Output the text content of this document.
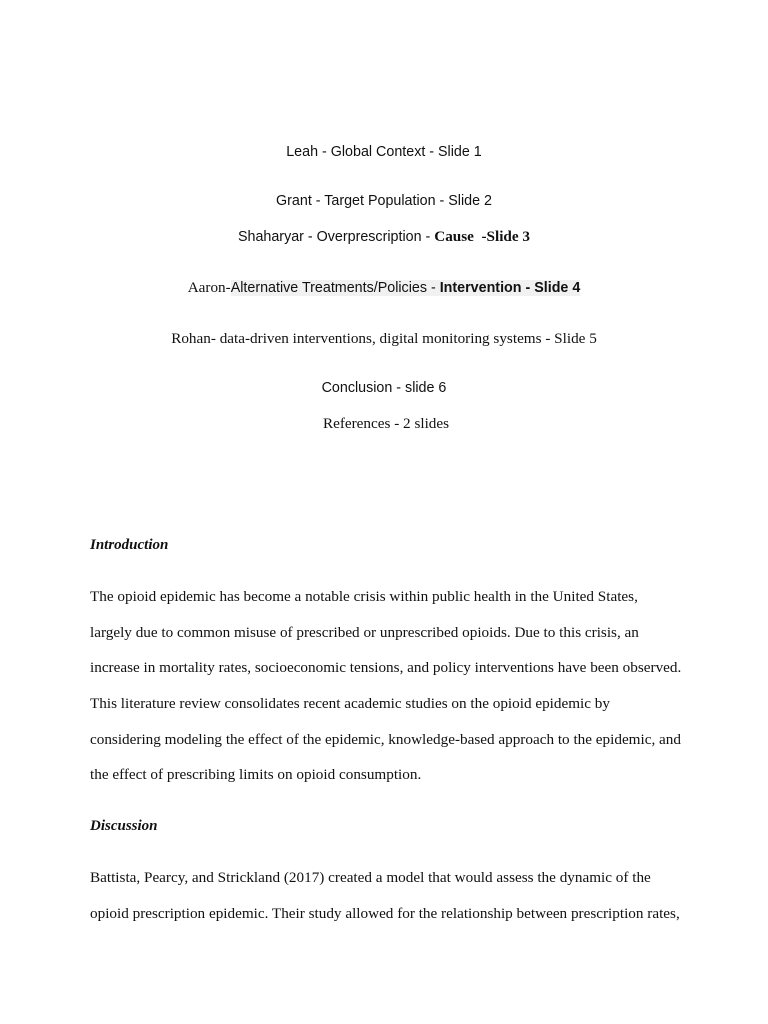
Leah - Global Context - Slide 1
Grant - Target Population - Slide 2
Shaharyar - Overprescription - Cause  -Slide 3
Aaron-Alternative Treatments/Policies - Intervention - Slide 4
Rohan- data-driven interventions, digital monitoring systems - Slide 5
Conclusion - slide 6
References - 2 slides
Introduction
The opioid epidemic has become a notable crisis within public health in the United States,
largely due to common misuse of prescribed or unprescribed opioids. Due to this crisis, an
increase in mortality rates, socioeconomic tensions, and policy interventions have been observed.
This literature review consolidates recent academic studies on the opioid epidemic by
considering modeling the effect of the epidemic, knowledge-based approach to the epidemic, and
the effect of prescribing limits on opioid consumption.
Discussion
Battista, Pearcy, and Strickland (2017) created a model that would assess the dynamic of the
opioid prescription epidemic. Their study allowed for the relationship between prescription rates,
